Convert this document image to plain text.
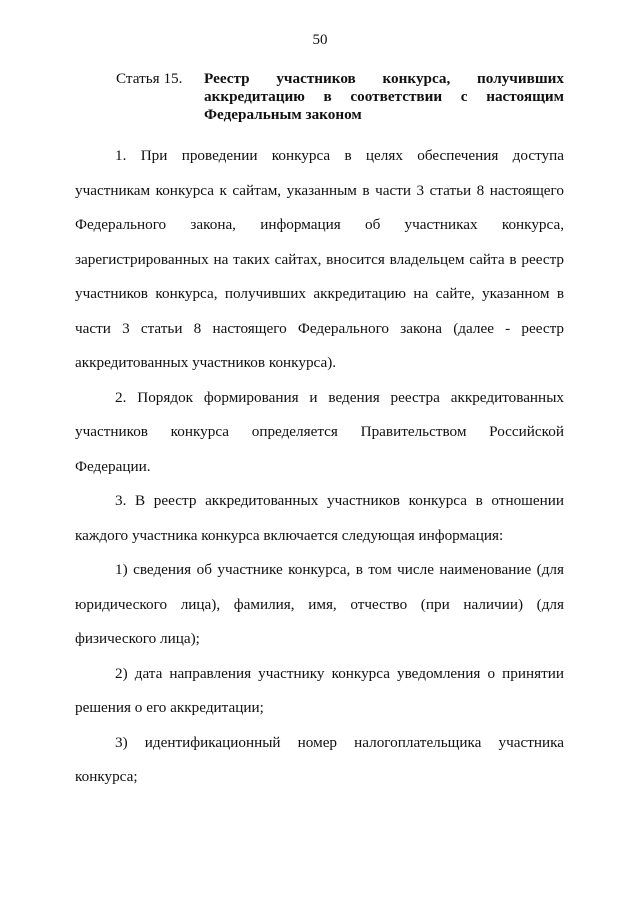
50
Статья 15.	Реестр участников конкурса, получивших аккредитацию в соответствии с настоящим Федеральным законом

1. При проведении конкурса в целях обеспечения доступа участникам конкурса к сайтам, указанным в части 3 статьи 8 настоящего Федерального закона, информация об участниках конкурса, зарегистрированных на таких сайтах, вносится владельцем сайта в реестр участников конкурса, получивших аккредитацию на сайте, указанном в части 3 статьи 8 настоящего Федерального закона (далее - реестр аккредитованных участников конкурса).

2. Порядок формирования и ведения реестра аккредитованных участников конкурса определяется Правительством Российской Федерации.

3. В реестр аккредитованных участников конкурса в отношении каждого участника конкурса включается следующая информация:

1) сведения об участнике конкурса, в том числе наименование (для юридического лица), фамилия, имя, отчество (при наличии) (для физического лица);

2) дата направления участнику конкурса уведомления о принятии решения о его аккредитации;

3) идентификационный номер налогоплательщика участника конкурса;
